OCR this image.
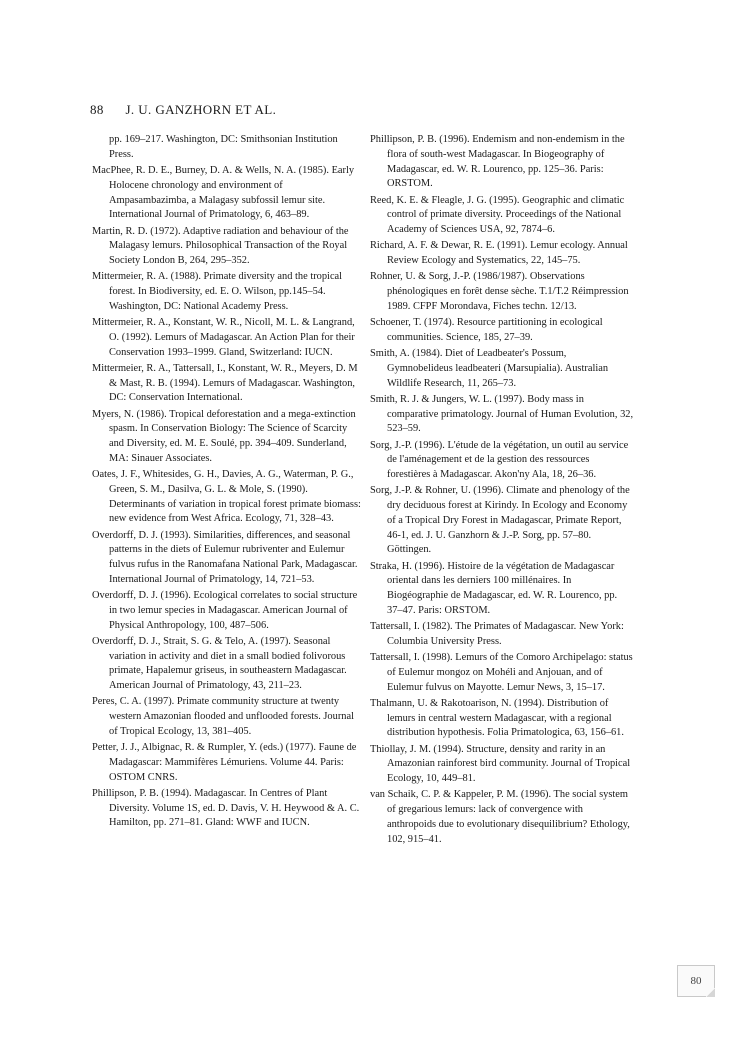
88 J. U. GANZHORN ET AL.

pp. 169–217. Washington, DC: Smithsonian Institution Press.

MacPhee, R. D. E., Burney, D. A. & Wells, N. A. (1985). Early Holocene chronology and environment of Ampasambazimba, a Malagasy subfossil lemur site. International Journal of Primatology, 6, 463–89.

Martin, R. D. (1972). Adaptive radiation and behaviour of the Malagasy lemurs. Philosophical Transaction of the Royal Society London B, 264, 295–352.

Mittermeier, R. A. (1988). Primate diversity and the tropical forest. In Biodiversity, ed. E. O. Wilson, pp.145–54. Washington, DC: National Academy Press.

Mittermeier, R. A., Konstant, W. R., Nicoll, M. L. & Langrand, O. (1992). Lemurs of Madagascar. An Action Plan for their Conservation 1993–1999. Gland, Switzerland: IUCN.

Mittermeier, R. A., Tattersall, I., Konstant, W. R., Meyers, D. M & Mast, R. B. (1994). Lemurs of Madagascar. Washington, DC: Conservation International.

Myers, N. (1986). Tropical deforestation and a mega-extinction spasm. In Conservation Biology: The Science of Scarcity and Diversity, ed. M. E. Soulé, pp. 394–409. Sunderland, MA: Sinauer Associates.

Oates, J. F., Whitesides, G. H., Davies, A. G., Waterman, P. G., Green, S. M., Dasilva, G. L. & Mole, S. (1990). Determinants of variation in tropical forest primate biomass: new evidence from West Africa. Ecology, 71, 328–43.

Overdorff, D. J. (1993). Similarities, differences, and seasonal patterns in the diets of Eulemur rubriventer and Eulemur fulvus rufus in the Ranomafana National Park, Madagascar. International Journal of Primatology, 14, 721–53.

Overdorff, D. J. (1996). Ecological correlates to social structure in two lemur species in Madagascar. American Journal of Physical Anthropology, 100, 487–506.

Overdorff, D. J., Strait, S. G. & Telo, A. (1997). Seasonal variation in activity and diet in a small bodied folivorous primate, Hapalemur griseus, in southeastern Madagascar. American Journal of Primatology, 43, 211–23.

Peres, C. A. (1997). Primate community structure at twenty western Amazonian flooded and unflooded forests. Journal of Tropical Ecology, 13, 381–405.

Petter, J. J., Albignac, R. & Rumpler, Y. (eds.) (1977). Faune de Madagascar: Mammifères Lémuriens. Volume 44. Paris: OSTOM CNRS.

Phillipson, P. B. (1994). Madagascar. In Centres of Plant Diversity. Volume 1S, ed. D. Davis, V. H. Heywood & A. C. Hamilton, pp. 271–81. Gland: WWF and IUCN.

Phillipson, P. B. (1996). Endemism and non-endemism in the flora of south-west Madagascar. In Biogeography of Madagascar, ed. W. R. Lourenco, pp. 125–36. Paris: ORSTOM.

Reed, K. E. & Fleagle, J. G. (1995). Geographic and climatic control of primate diversity. Proceedings of the National Academy of Sciences USA, 92, 7874–6.

Richard, A. F. & Dewar, R. E. (1991). Lemur ecology. Annual Review Ecology and Systematics, 22, 145–75.

Rohner, U. & Sorg, J.-P. (1986/1987). Observations phénologiques en forêt dense sèche. T.1/T.2 Réimpression 1989. CFPF Morondava, Fiches techn. 12/13.

Schoener, T. (1974). Resource partitioning in ecological communities. Science, 185, 27–39.

Smith, A. (1984). Diet of Leadbeater's Possum, Gymnobelideus leadbeateri (Marsupialia). Australian Wildlife Research, 11, 265–73.

Smith, R. J. & Jungers, W. L. (1997). Body mass in comparative primatology. Journal of Human Evolution, 32, 523–59.

Sorg, J.-P. (1996). L'étude de la végétation, un outil au service de l'aménagement et de la gestion des ressources forestières à Madagascar. Akon'ny Ala, 18, 26–36.

Sorg, J.-P. & Rohner, U. (1996). Climate and phenology of the dry deciduous forest at Kirindy. In Ecology and Economy of a Tropical Dry Forest in Madagascar, Primate Report, 46-1, ed. J. U. Ganzhorn & J.-P. Sorg, pp. 57–80. Göttingen.

Straka, H. (1996). Histoire de la végétation de Madagascar oriental dans les derniers 100 millénaires. In Biogéographie de Madagascar, ed. W. R. Lourenco, pp. 37–47. Paris: ORSTOM.

Tattersall, I. (1982). The Primates of Madagascar. New York: Columbia University Press.

Tattersall, I. (1998). Lemurs of the Comoro Archipelago: status of Eulemur mongoz on Mohéli and Anjouan, and of Eulemur fulvus on Mayotte. Lemur News, 3, 15–17.

Thalmann, U. & Rakotoarison, N. (1994). Distribution of lemurs in central western Madagascar, with a regional distribution hypothesis. Folia Primatologica, 63, 156–61.

Thiollay, J. M. (1994). Structure, density and rarity in an Amazonian rainforest bird community. Journal of Tropical Ecology, 10, 449–81.

van Schaik, C. P. & Kappeler, P. M. (1996). The social system of gregarious lemurs: lack of convergence with anthropoids due to evolutionary disequilibrium? Ethology, 102, 915–41.

80
